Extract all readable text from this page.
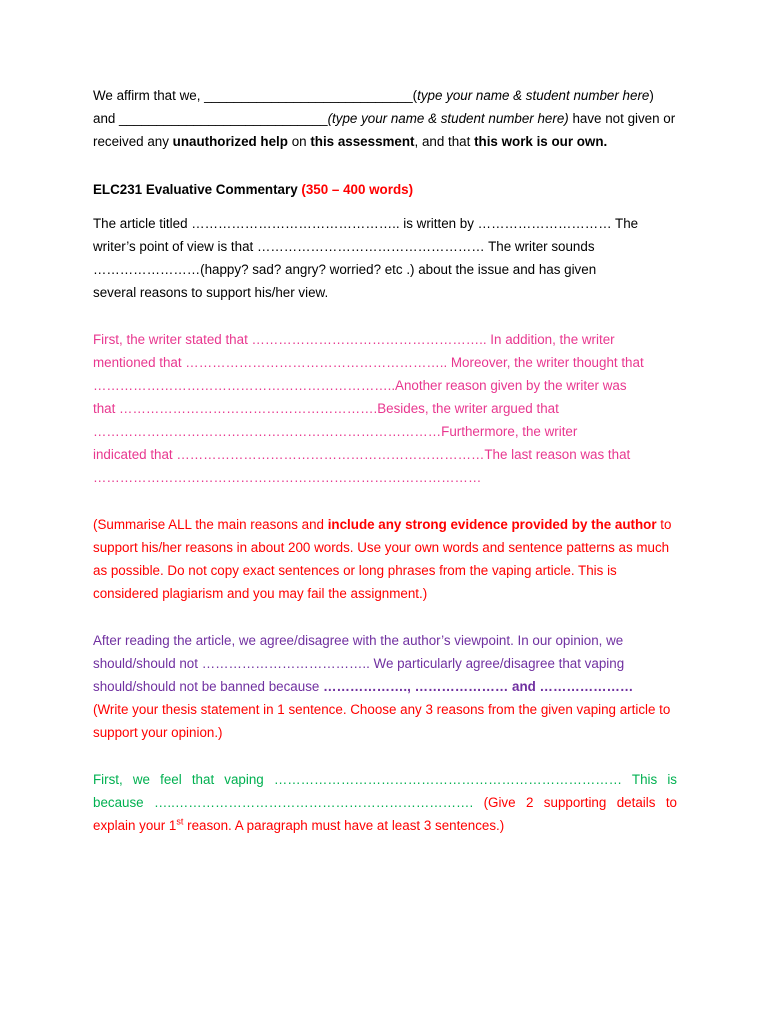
We affirm that we, ____________________________(type your name & student number here)
and ____________________________(type your name & student number here) have not given or received any unauthorized help on this assessment, and that this work is our own.

ELC231 Evaluative Commentary (350 – 400 words)

The article titled ……………………………………….. is written by ………………………… The
writer’s point of view is that …………………………………………… The writer sounds
……………………(happy? sad? angry? worried? etc .) about the issue and has given
several reasons to support his/her view.

First, the writer stated that …………………………………………….. In addition, the writer
mentioned that ………………………………………………….. Moreover, the writer thought that
…………………………………………………………..Another reason given by the writer was
that ………………………………………………….Besides, the writer argued that
……………………………………………………………………Furthermore, the writer
indicated that ……………………………………………………………The last reason was that
……………………………………………………………………………

(Summarise ALL the main reasons and include any strong evidence provided by the author to support his/her reasons in about 200 words. Use your own words and sentence patterns as much as possible. Do not copy exact sentences or long phrases from the vaping article. This is considered plagiarism and you may fail the assignment.)

After reading the article, we agree/disagree with the author’s viewpoint. In our opinion, we should/should not ……………………………….. We particularly agree/disagree that vaping should/should not be banned because ………………., ………………… and …………………

(Write your thesis statement in 1 sentence. Choose any 3 reasons from the given vaping article to support your opinion.)

First, we feel that vaping …………………………………………………………………… This is because …..…………………………………………………………. (Give 2 supporting details to explain your 1st reason. A paragraph must have at least 3 sentences.)
